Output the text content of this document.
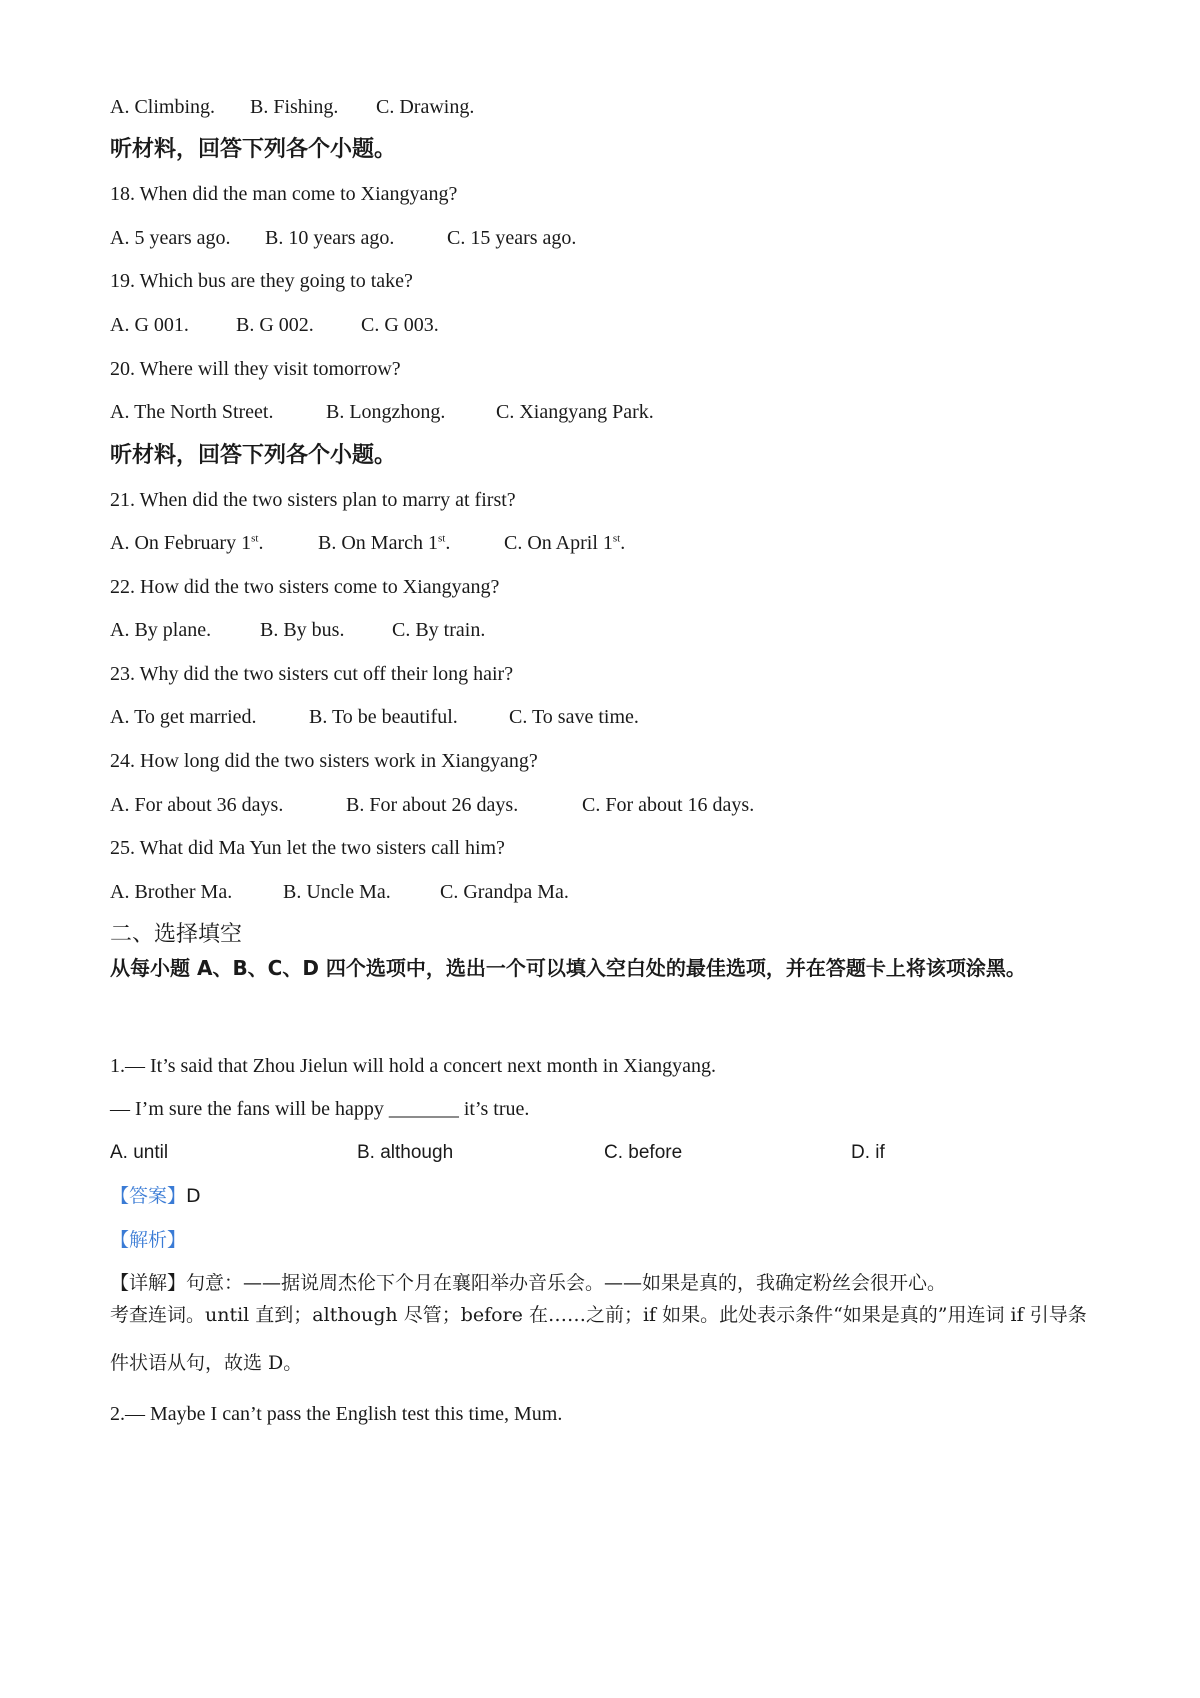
A. Climbing. B. Fishing. C. Drawing.
听材料，回答下列各个小题。
18. When did the man come to Xiangyang?
A. 5 years ago. B. 10 years ago.	C. 15 years ago.
19. Which bus are they going to take?
A. G 001. B. G 002. C. G 003.
20. Where will they visit tomorrow?
A. The North Street.	B. Longzhong.	C. Xiangyang Park.
听材料，回答下列各个小题。
21. When did the two sisters plan to marry at first?
A. On February 1st.	B. On March 1st.	C. On April 1st.
22. How did the two sisters come to Xiangyang?
A. By plane. B. By bus. C. By train.
23. Why did the two sisters cut off their long hair?
A. To get married.	B. To be beautiful.	C. To save time.
24. How long did the two sisters work in Xiangyang?
A. For about 36 days.	B. For about 26 days.	C. For about 16 days.
25. What did Ma Yun let the two sisters call him?
A. Brother Ma.	B. Uncle Ma. C. Grandpa Ma.
二、选择填空
从每小题 A、B、C、D 四个选项中，选出一个可以填入空白处的最佳选项，并在答题卡上将该项涂黑。
1.— It’s said that Zhou Jielun will hold a concert next month in Xiangyang.
— I’m sure the fans will be happy _______ it’s true.
A. until	B. although	C. before	D. if
【答案】D
【解析】
【详解】句意：——据说周杰伦下个月在襄阳举办音乐会。——如果是真的，我确定粉丝会很开心。
考查连词。until 直到；although 尽管；before 在……之前；if 如果。此处表示条件“如果是真的”用连词 if 引导条件状语从句，故选 D。
2.— Maybe I can’t pass the English test this time, Mum.
